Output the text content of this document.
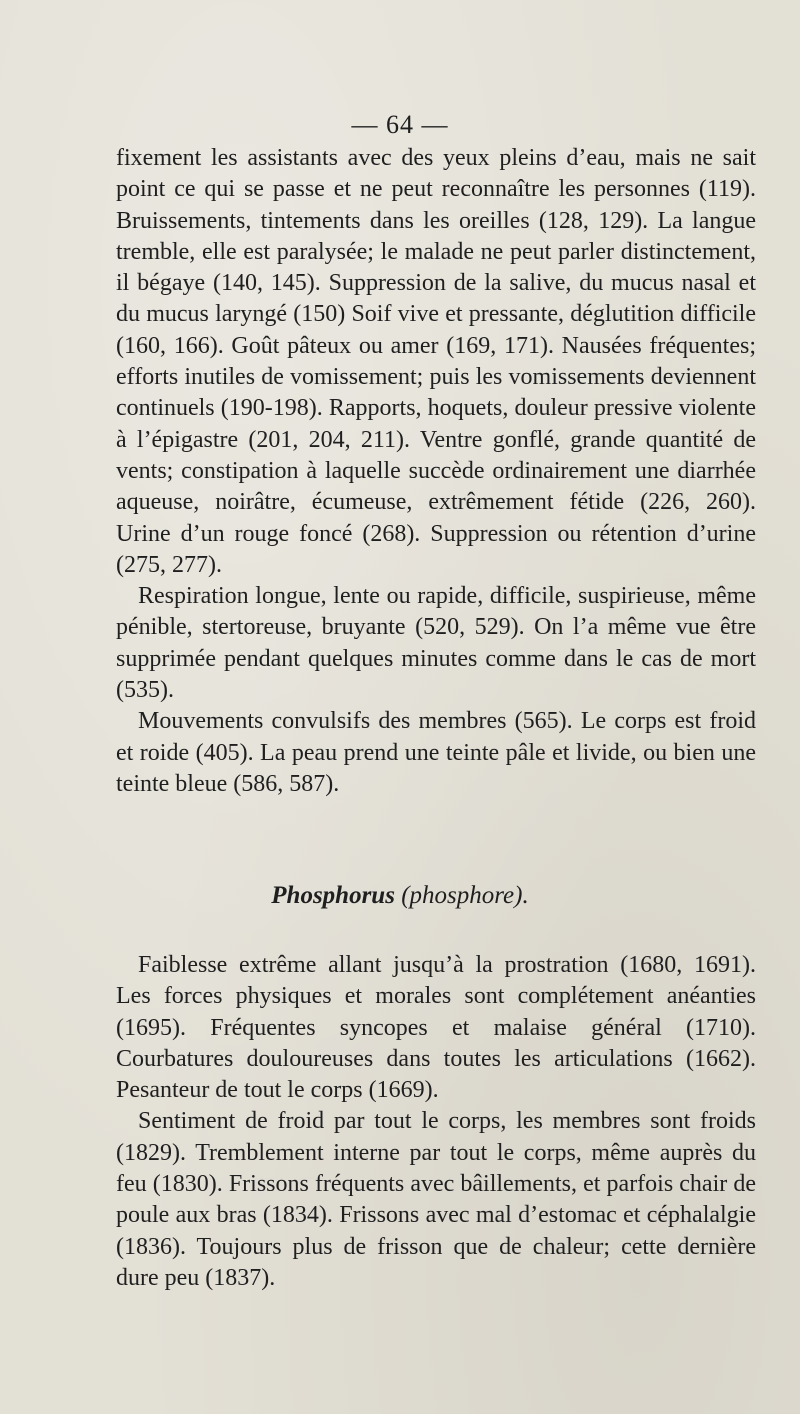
— 64 —

fixement les assistants avec des yeux pleins d’eau, mais ne sait point ce qui se passe et ne peut reconnaître les personnes (119). Bruissements, tintements dans les oreilles (128, 129). La langue tremble, elle est paralysée; le malade ne peut parler distinctement, il bégaye (140, 145). Suppression de la salive, du mucus nasal et du mucus laryngé (150) Soif vive et pressante, déglutition difficile (160, 166). Goût pâteux ou amer (169, 171). Nausées fréquentes; efforts inutiles de vomissement; puis les vomissements deviennent continuels (190-198). Rapports, hoquets, douleur pressive violente à l’épigastre (201, 204, 211). Ventre gonflé, grande quantité de vents; constipation à laquelle succède ordinairement une diarrhée aqueuse, noirâtre, écumeuse, extrêmement fétide (226, 260). Urine d’un rouge foncé (268). Suppression ou rétention d’urine (275, 277).

Respiration longue, lente ou rapide, difficile, suspirieuse, même pénible, stertoreuse, bruyante (520, 529). On l’a même vue être supprimée pendant quelques minutes comme dans le cas de mort (535).

Mouvements convulsifs des membres (565). Le corps est froid et roide (405). La peau prend une teinte pâle et livide, ou bien une teinte bleue (586, 587).

Phosphorus (phosphore).

Faiblesse extrême allant jusqu’à la prostration (1680, 1691). Les forces physiques et morales sont complétement anéanties (1695). Fréquentes syncopes et malaise général (1710). Courbatures douloureuses dans toutes les articulations (1662). Pesanteur de tout le corps (1669).

Sentiment de froid par tout le corps, les membres sont froids (1829). Tremblement interne par tout le corps, même auprès du feu (1830). Frissons fréquents avec bâillements, et parfois chair de poule aux bras (1834). Frissons avec mal d’estomac et céphalalgie (1836). Toujours plus de frisson que de chaleur; cette dernière dure peu (1837).
